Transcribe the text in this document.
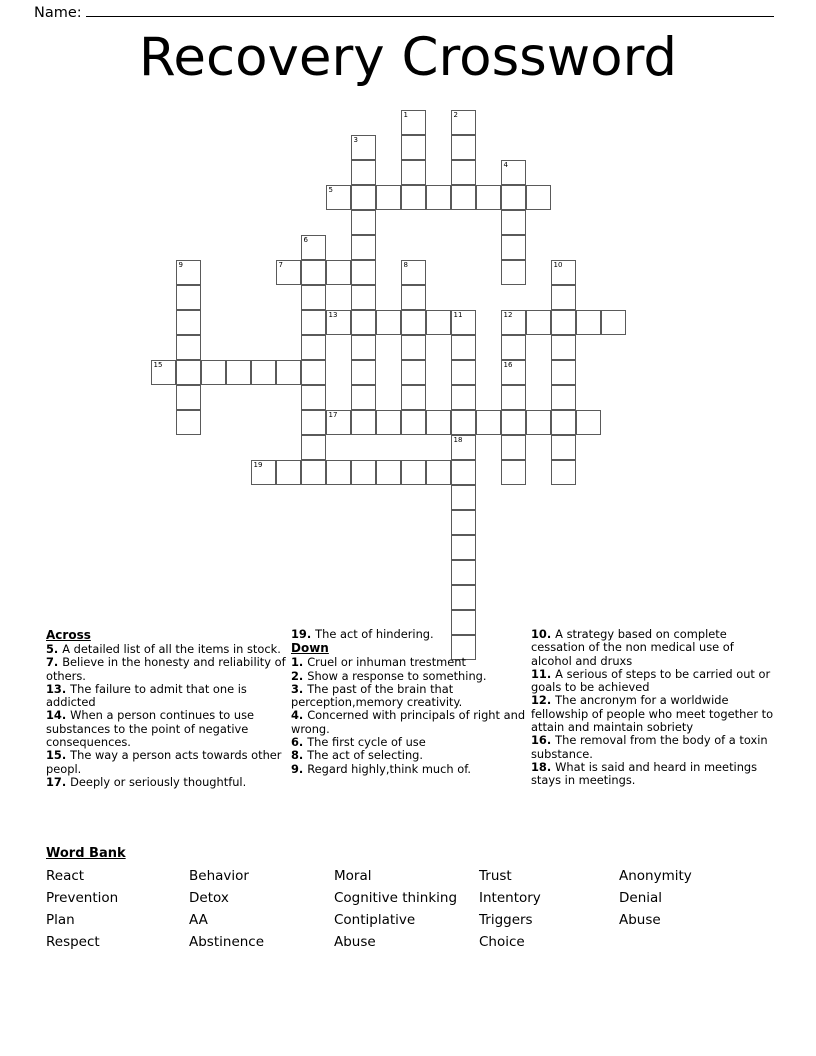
Name:
Recovery Crossword
1	2
3
4
5
6
7	8
9	10
11	12
16
13
15
17
18
19
Across

5. A detailed list of all the items in stock.

7. Believe in the honesty and reliability of others.

13. The failure to admit that one is addicted

14. When a person continues to use substances to the point of negative consequences.

15. The way a person acts towards other peopl.

17. Deeply or seriously thoughtful.

19. The act of hindering.

Down

1. Cruel or inhuman trestment

2. Show a response to something.

3. The past of the brain that perception,memory creativity.

4. Concerned with principals of right and wrong.

6. The first cycle of use

8. The act of selecting.

9. Regard highly,think much of.

10. A strategy based on complete cessation of the non medical use of alcohol and druxs

11. A serious of steps to be carried out or goals to be achieved

12. The ancronym for a worldwide fellowship of people who meet together to attain and maintain sobriety

16. The removal from the body of a toxin substance.

18. What is said and heard in meetings stays in meetings.

Word Bank
React	Behavior	Moral	Trust	Anonymity
Prevention	Detox	Cognitive thinking	Intentory	Denial
Plan	AA	Contiplative	Triggers	Abuse
Respect	Abstinence	Abuse	Choice
